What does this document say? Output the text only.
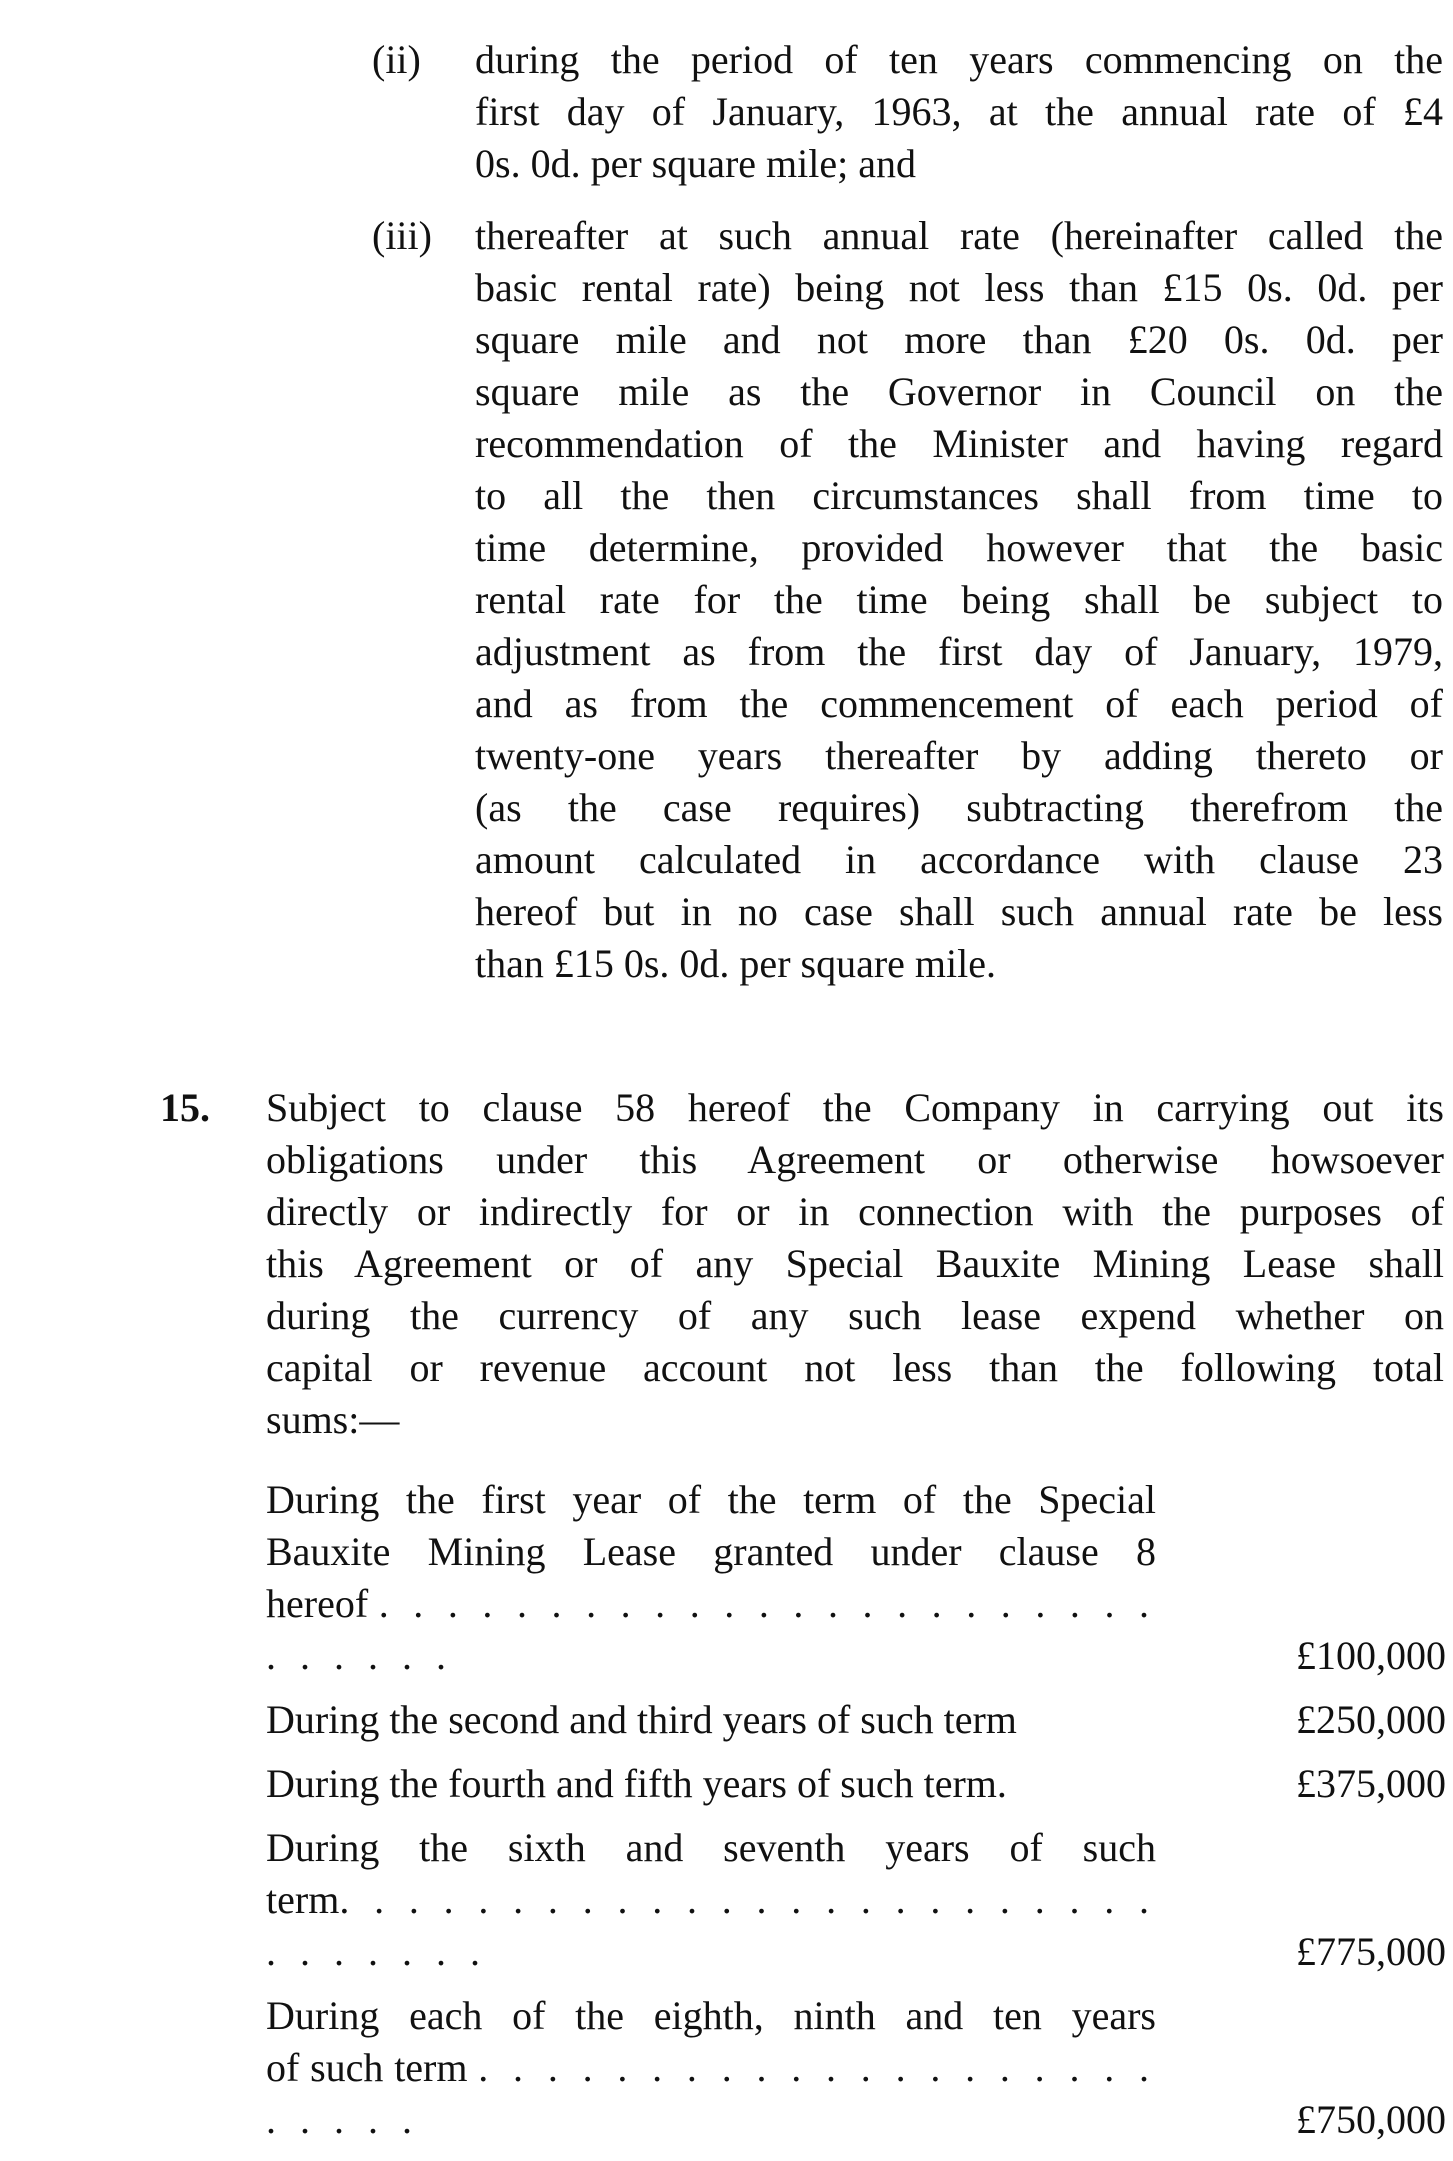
(ii) during the period of ten years commencing on the
first day of January, 1963, at the annual rate of £4
0s. 0d. per square mile; and
(iii) thereafter at such annual rate (hereinafter called the
basic rental rate) being not less than £15 0s. 0d. per
square mile and not more than £20 0s. 0d. per
square mile as the Governor in Council on the
recommendation of the Minister and having regard
to all the then circumstances shall from time to
time determine, provided however that the basic
rental rate for the time being shall be subject to
adjustment as from the first day of January, 1979,
and as from the commencement of each period of
twenty-one years thereafter by adding thereto or
(as the case requires) subtracting therefrom the
amount calculated in accordance with clause 23
hereof but in no case shall such annual rate be less
than £15 0s. 0d. per square mile.
15. Subject to clause 58 hereof the Company in carrying out its
obligations under this Agreement or otherwise howsoever
directly or indirectly for or in connection with the purposes of
this Agreement or of any Special Bauxite Mining Lease shall
during the currency of any such lease expend whether on
capital or revenue account not less than the following total
sums:—
During the first year of the term of the Special
Bauxite Mining Lease granted under clause 8
hereof . . . . . . . . . . . . . . . . . . . . . . . . . . . . .	£100,000
During the second and third years of such term	£250,000
During the fourth and fifth years of such term.	£375,000
During the sixth and seventh years of such
term. . . . . . . . . . . . . . . . . . . . . . . . . . . . . . .	£775,000
During each of the eighth, ninth and ten years
of such term . . . . . . . . . . . . . . . . . . . . . . . . .	£750,000
